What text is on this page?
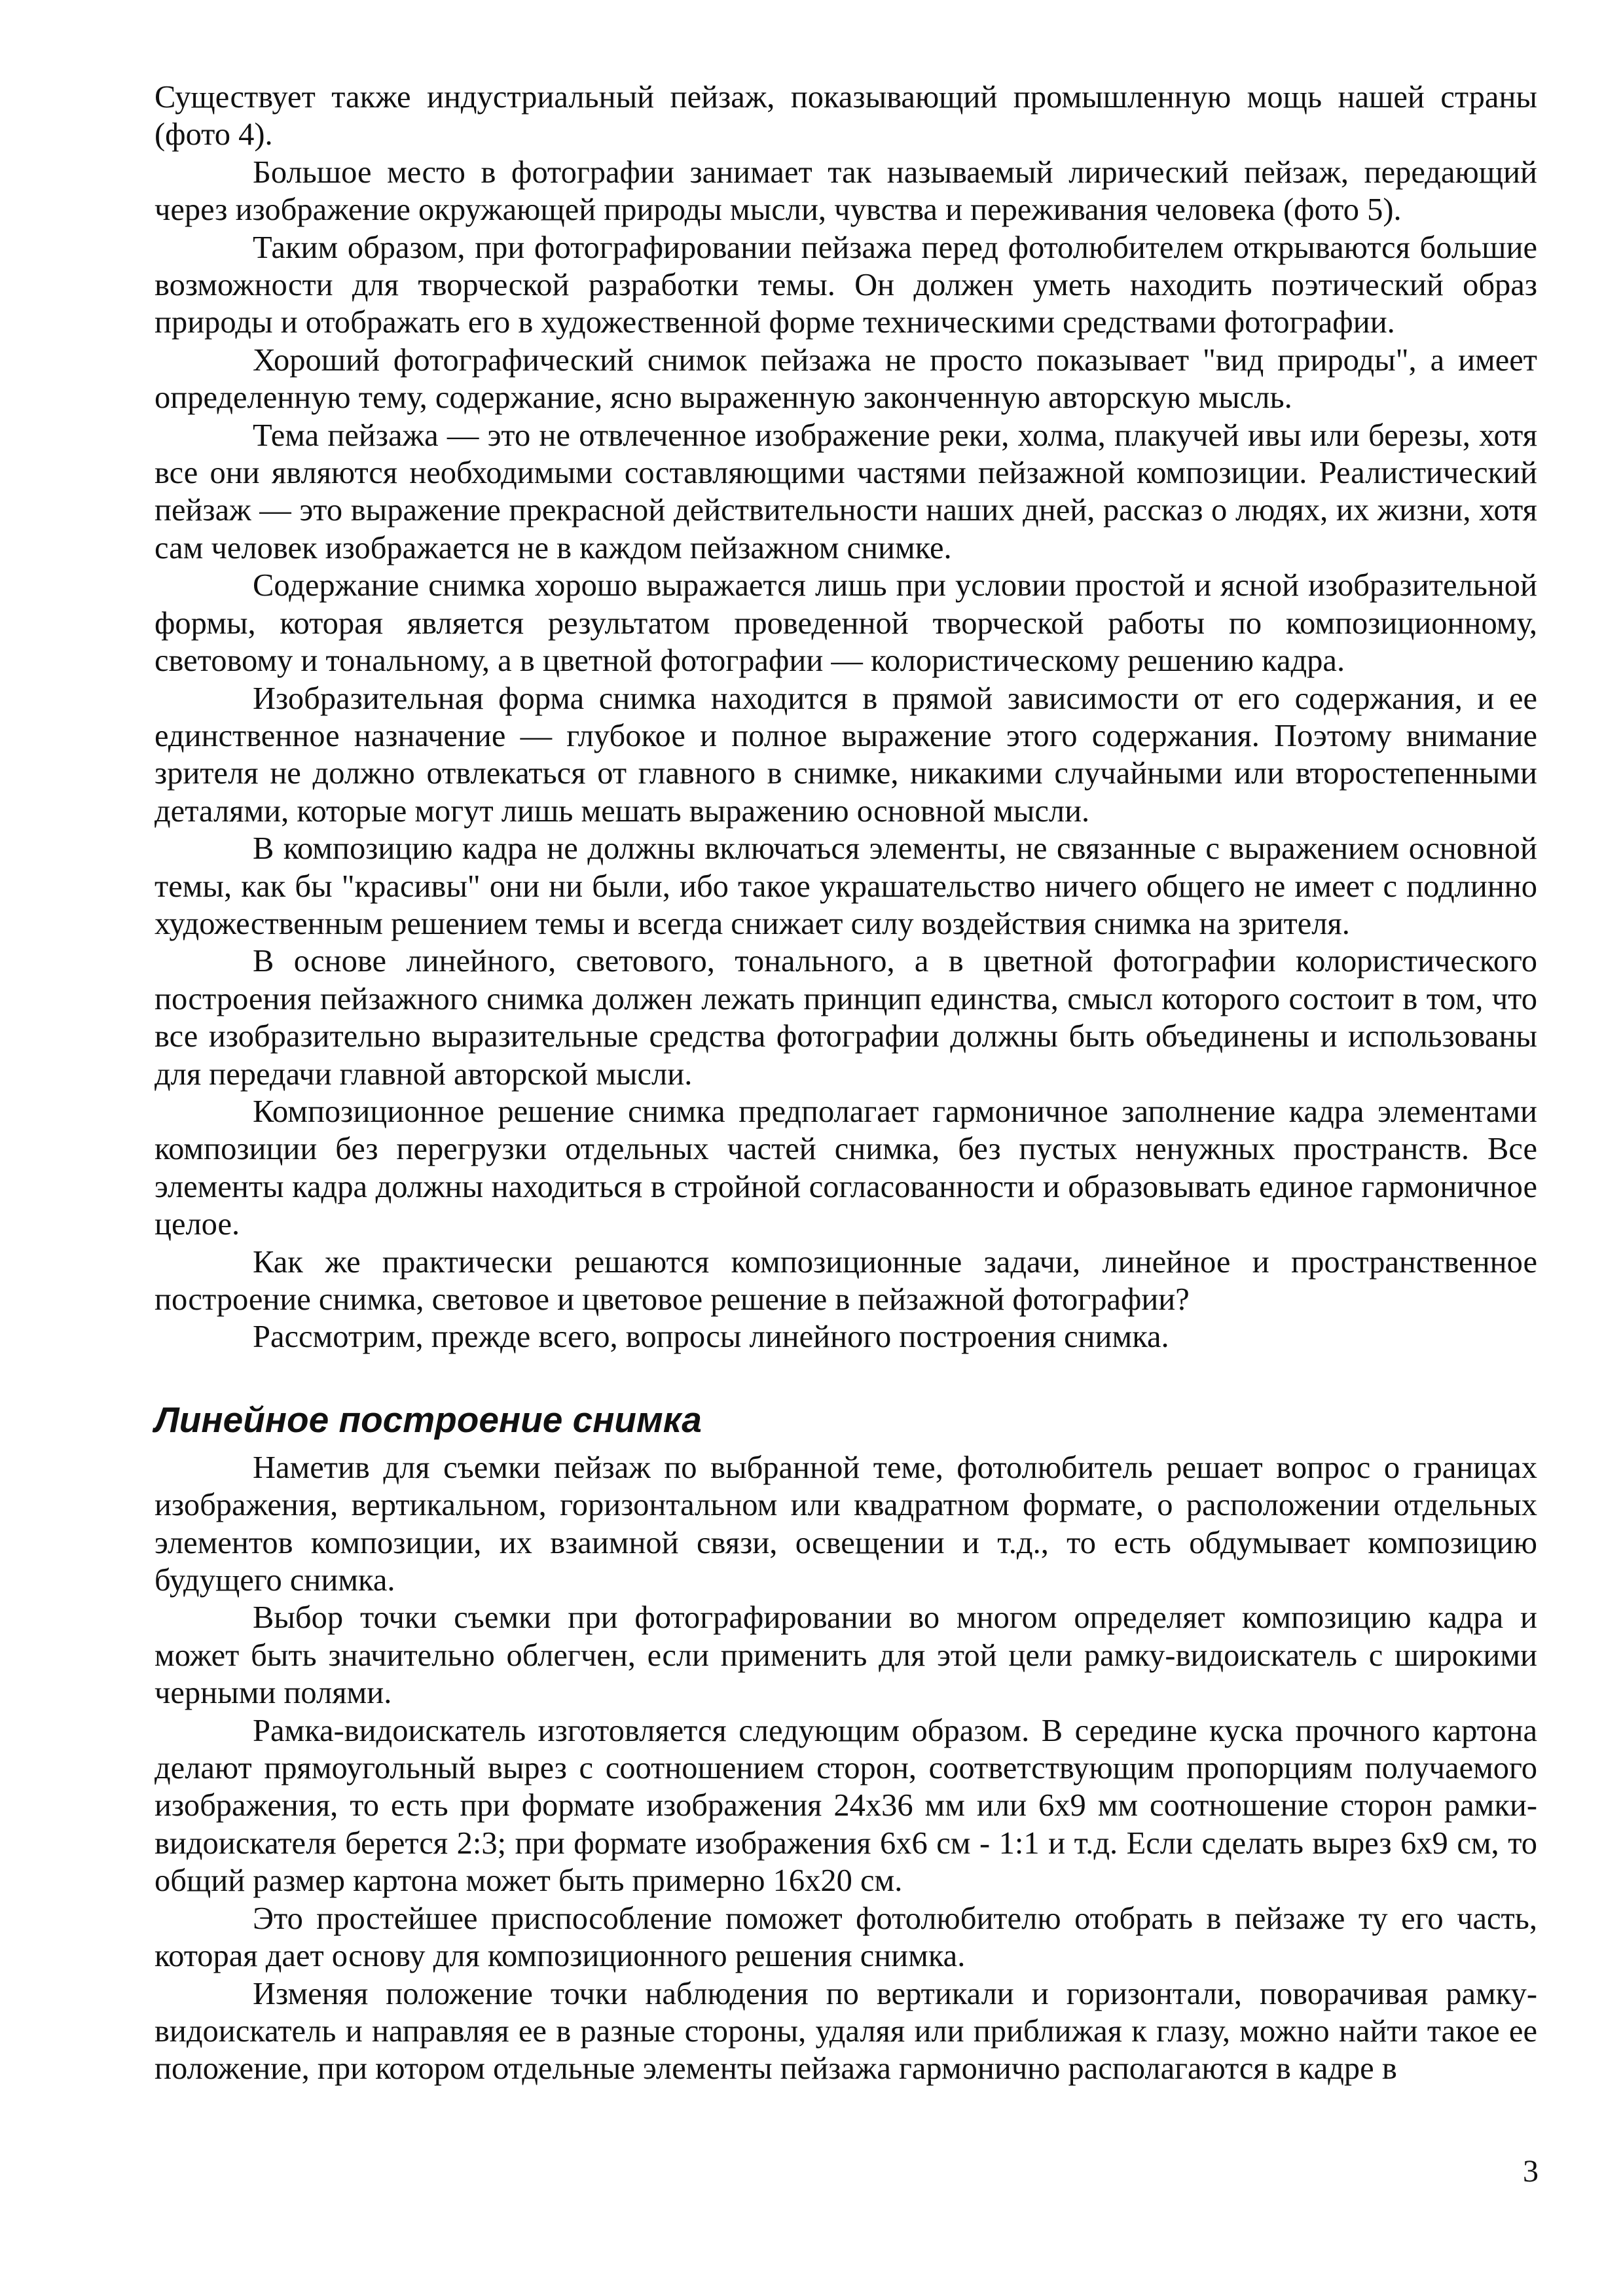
Существует также индустриальный пейзаж, показывающий промышленную мощь нашей страны (фото 4).

Большое место в фотографии занимает так называемый лирический пейзаж, передающий через изображение окружающей природы мысли, чувства и переживания человека (фото 5).

Таким образом, при фотографировании пейзажа перед фотолюбителем открываются большие возможности для творческой разработки темы. Он должен уметь находить поэтический образ природы и отображать его в художественной форме техническими средствами фотографии.

Хороший фотографический снимок пейзажа не просто показывает "вид природы", а имеет определенную тему, содержание, ясно выраженную законченную авторскую мысль.

Тема пейзажа — это не отвлеченное изображение реки, холма, плакучей ивы или березы, хотя все они являются необходимыми составляющими частями пейзажной композиции. Реалистический пейзаж — это выражение прекрасной действительности наших дней, рассказ о людях, их жизни, хотя сам человек изображается не в каждом пейзажном снимке.

Содержание снимка хорошо выражается лишь при условии простой и ясной изобразительной формы, которая является результатом проведенной творческой работы по композиционному, световому и тональному, а в цветной фотографии — колористическому решению кадра.

Изобразительная форма снимка находится в прямой зависимости от его содержания, и ее единственное назначение — глубокое и полное выражение этого содержания. Поэтому внимание зрителя не должно отвлекаться от главного в снимке, никакими случайными или второстепенными деталями, которые могут лишь мешать выражению основной мысли.

В композицию кадра не должны включаться элементы, не связанные с выражением основной темы, как бы "красивы" они ни были, ибо такое украшательство ничего общего не имеет с подлинно художественным решением темы и всегда снижает силу воздействия снимка на зрителя.

В основе линейного, светового, тонального, а в цветной фотографии колористического построения пейзажного снимка должен лежать принцип единства, смысл которого состоит в том, что все изобразительно выразительные средства фотографии должны быть объединены и использованы для передачи главной авторской мысли.

Композиционное решение снимка предполагает гармоничное заполнение кадра элементами композиции без перегрузки отдельных частей снимка, без пустых ненужных пространств. Все элементы кадра должны находиться в стройной согласованности и образовывать единое гармоничное целое.

Как же практически решаются композиционные задачи, линейное и пространственное построение снимка, световое и цветовое решение в пейзажной фотографии?

Рассмотрим, прежде всего, вопросы линейного построения снимка.

Линейное построение снимка

Наметив для съемки пейзаж по выбранной теме, фотолюбитель решает вопрос о границах изображения, вертикальном, горизонтальном или квадратном формате, о расположении отдельных элементов композиции, их взаимной связи, освещении и т.д., то есть обдумывает композицию будущего снимка.

Выбор точки съемки при фотографировании во многом определяет композицию кадра и может быть значительно облегчен, если применить для этой цели рамку-видоискатель с широкими черными полями.

Рамка-видоискатель изготовляется следующим образом. В середине куска прочного картона делают прямоугольный вырез с соотношением сторон, соответствующим пропорциям получаемого изображения, то есть при формате изображения 24х36 мм или 6х9 мм соотношение сторон рамки-видоискателя берется 2:3; при формате изображения 6х6 см - 1:1 и т.д. Если сделать вырез 6х9 см, то общий размер картона может быть примерно 16х20 см.

Это простейшее приспособление поможет фотолюбителю отобрать в пейзаже ту его часть, которая дает основу для композиционного решения снимка.

Изменяя положение точки наблюдения по вертикали и горизонтали, поворачивая рамку-видоискатель и направляя ее в разные стороны, удаляя или приближая к глазу, можно найти такое ее положение, при котором отдельные элементы пейзажа гармонично располагаются в кадре в

3
